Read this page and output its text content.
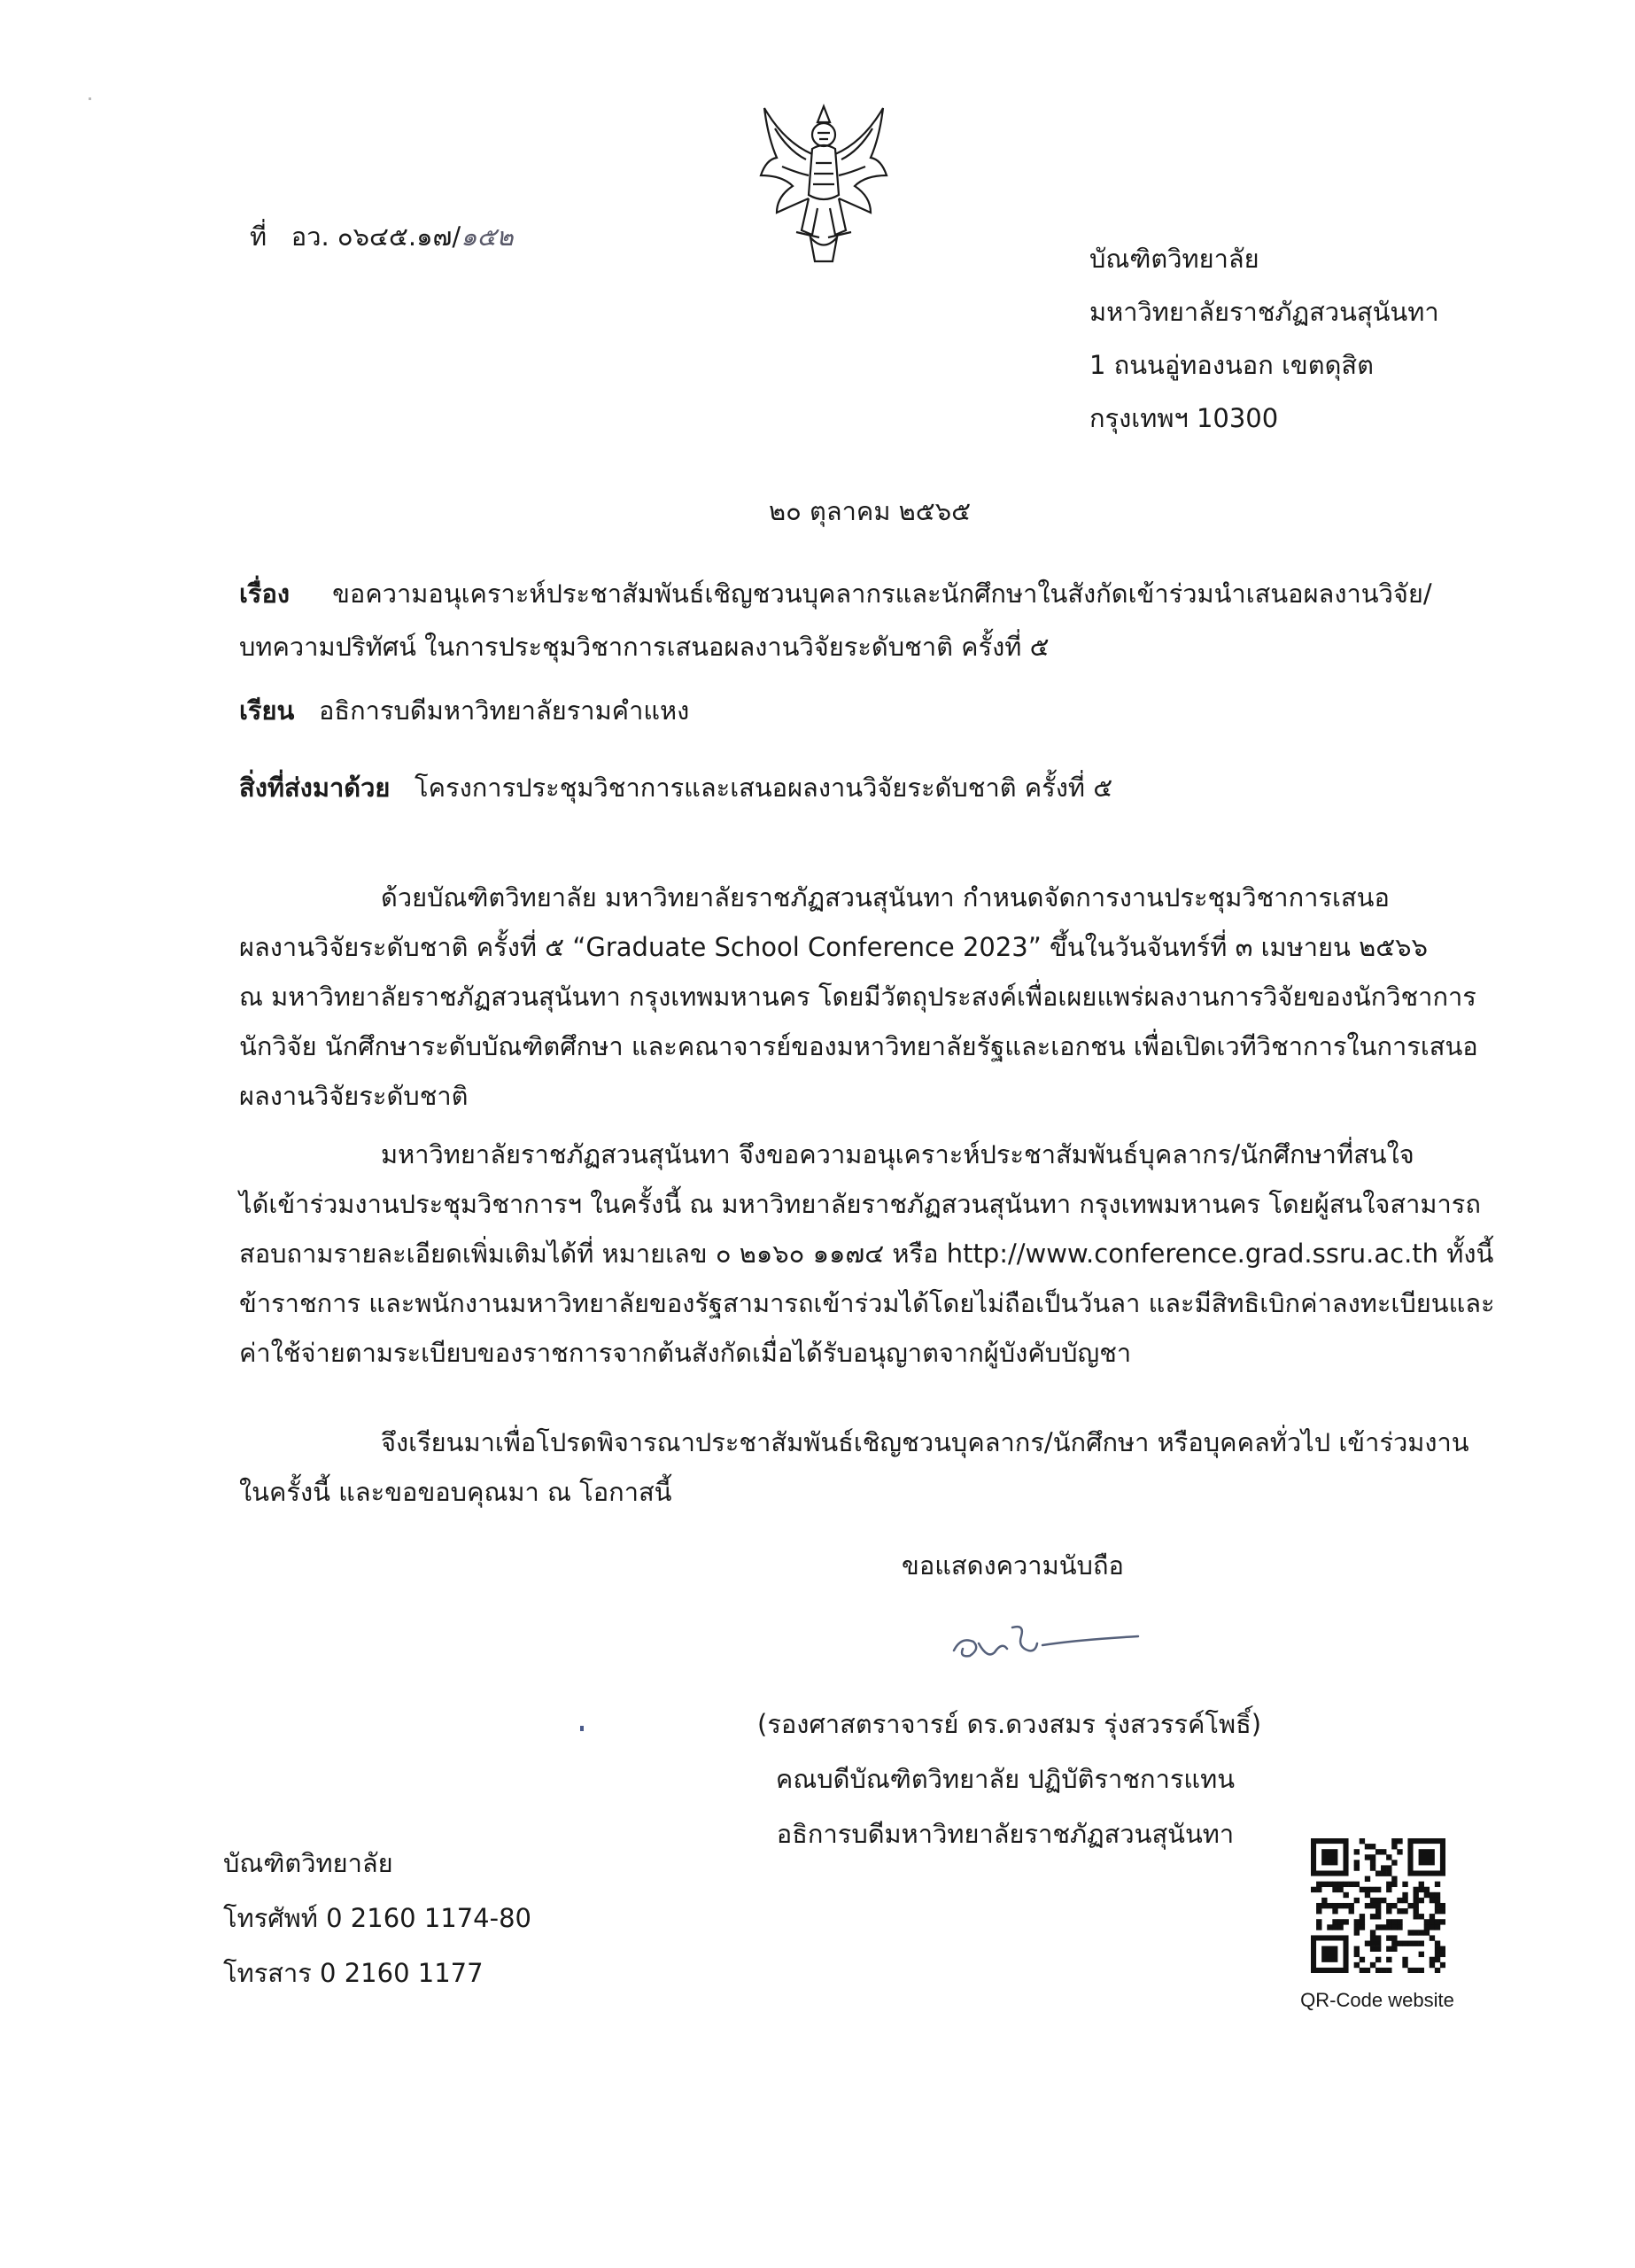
ที่ อว. ๐๖๔๕.๑๗/๑๕๒
บัณฑิตวิทยาลัย
มหาวิทยาลัยราชภัฏสวนสุนันทา
1 ถนนอู่ทองนอก เขตดุสิต
กรุงเทพฯ 10300
๒๐ ตุลาคม ๒๕๖๕
เรื่อง ขอความอนุเคราะห์ประชาสัมพันธ์เชิญชวนบุคลากรและนักศึกษาในสังกัดเข้าร่วมนำเสนอผลงานวิจัย/
บทความปริทัศน์ ในการประชุมวิชาการเสนอผลงานวิจัยระดับชาติ ครั้งที่ ๕
เรียน อธิการบดีมหาวิทยาลัยรามคำแหง
สิ่งที่ส่งมาด้วย โครงการประชุมวิชาการและเสนอผลงานวิจัยระดับชาติ ครั้งที่ ๕

ด้วยบัณฑิตวิทยาลัย มหาวิทยาลัยราชภัฏสวนสุนันทา กำหนดจัดการงานประชุมวิชาการเสนอ

ผลงานวิจัยระดับชาติ ครั้งที่ ๕ “Graduate School Conference 2023” ขึ้นในวันจันทร์ที่ ๓ เมษายน ๒๕๖๖

ณ มหาวิทยาลัยราชภัฏสวนสุนันทา กรุงเทพมหานคร โดยมีวัตถุประสงค์เพื่อเผยแพร่ผลงานการวิจัยของนักวิชาการ

นักวิจัย นักศึกษาระดับบัณฑิตศึกษา และคณาจารย์ของมหาวิทยาลัยรัฐและเอกชน เพื่อเปิดเวทีวิชาการในการเสนอ

ผลงานวิจัยระดับชาติ

มหาวิทยาลัยราชภัฏสวนสุนันทา จึงขอความอนุเคราะห์ประชาสัมพันธ์บุคลากร/นักศึกษาที่สนใจ

ได้เข้าร่วมงานประชุมวิชาการฯ ในครั้งนี้ ณ มหาวิทยาลัยราชภัฏสวนสุนันทา กรุงเทพมหานคร โดยผู้สนใจสามารถ

สอบถามรายละเอียดเพิ่มเติมได้ที่ หมายเลข ๐ ๒๑๖๐ ๑๑๗๔ หรือ http://www.conference.grad.ssru.ac.th ทั้งนี้

ข้าราชการ และพนักงานมหาวิทยาลัยของรัฐสามารถเข้าร่วมได้โดยไม่ถือเป็นวันลา และมีสิทธิเบิกค่าลงทะเบียนและ

ค่าใช้จ่ายตามระเบียบของราชการจากต้นสังกัดเมื่อได้รับอนุญาตจากผู้บังคับบัญชา

จึงเรียนมาเพื่อโปรดพิจารณาประชาสัมพันธ์เชิญชวนบุคลากร/นักศึกษา หรือบุคคลทั่วไป เข้าร่วมงาน

ในครั้งนี้ และขอขอบคุณมา ณ โอกาสนี้

ขอแสดงความนับถือ
(รองศาสตราจารย์ ดร.ดวงสมร รุ่งสวรรค์โพธิ์)
คณบดีบัณฑิตวิทยาลัย ปฏิบัติราชการแทน
อธิการบดีมหาวิทยาลัยราชภัฏสวนสุนันทา
บัณฑิตวิทยาลัย
โทรศัพท์ 0 2160 1174-80
โทรสาร 0 2160 1177
QR-Code website
